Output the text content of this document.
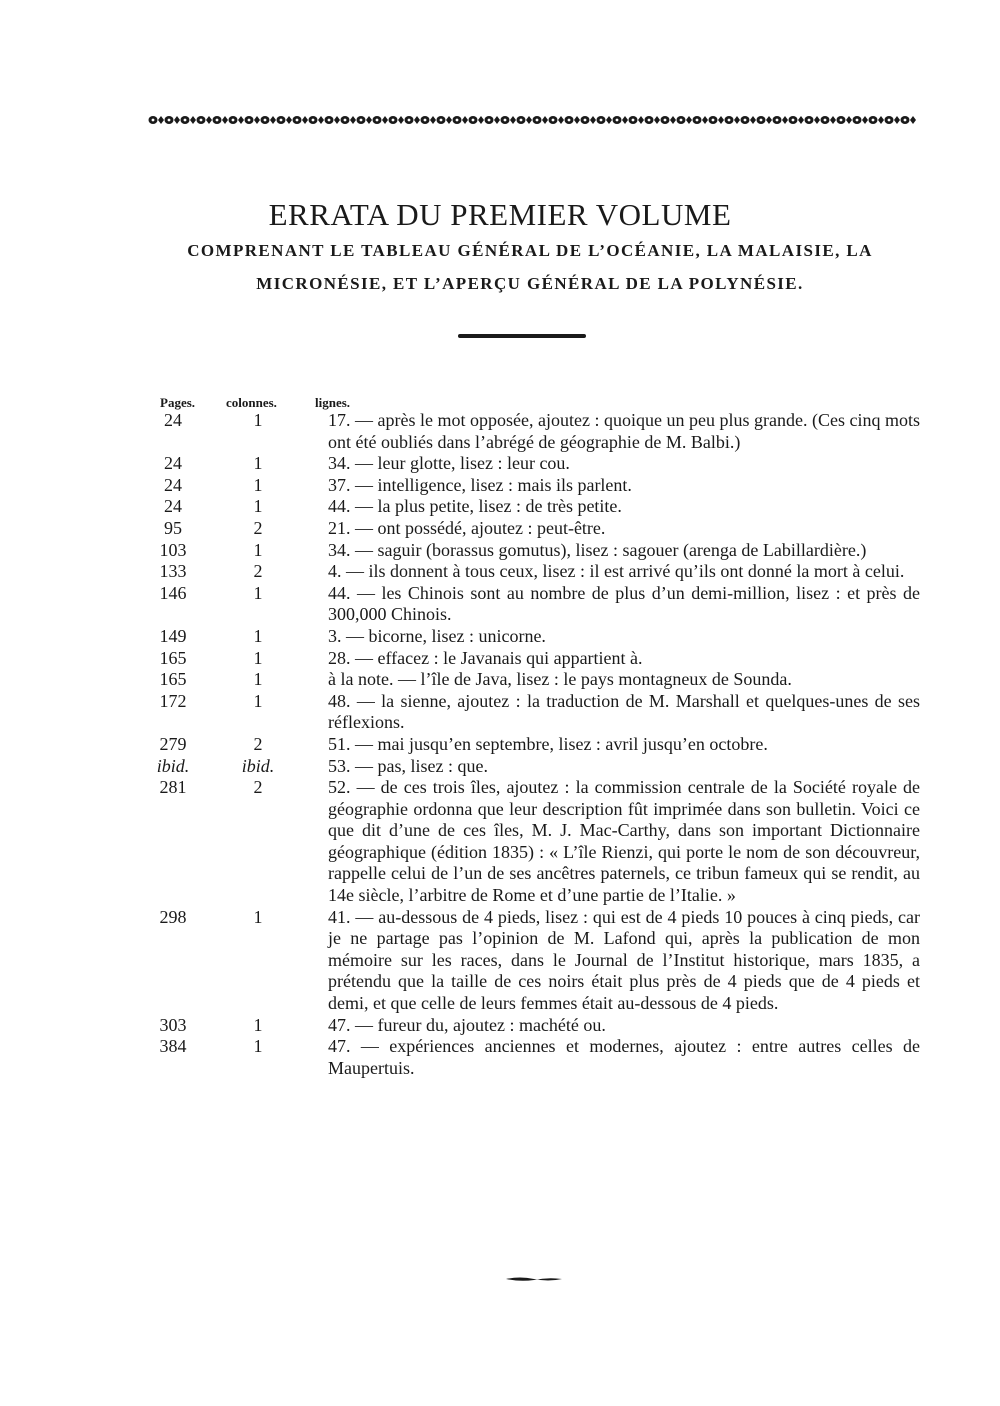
ERRATA DU PREMIER VOLUME
COMPRENANT LE TABLEAU GÉNÉRAL DE L’OCÉANIE, LA MALAISIE, LA MICRONÉSIE, ET L’APERÇU GÉNÉRAL DE LA POLYNÉSIE.
Pages. colonnes.	lignes.
24	1	17. — après le mot opposée, ajoutez : quoique un peu plus grande. (Ces cinq mots ont été oubliés dans l’abrégé de géographie de M. Balbi.)
24	1	34. — leur glotte, lisez : leur cou.
24	1	37. — intelligence, lisez : mais ils parlent.
24	1	44. — la plus petite, lisez : de très petite.
95	2	21. — ont possédé, ajoutez : peut-être.
103	1	34. — saguir (borassus gomutus), lisez : sagouer (arenga de Labillardière.)
133	2	4. — ils donnent à tous ceux, lisez : il est arrivé qu’ils ont donné la mort à celui.
146	1	44. — les Chinois sont au nombre de plus d’un demi-million, lisez : et près de 300,000 Chinois.
149	1	3. — bicorne, lisez : unicorne.
165	1	28. — effacez : le Javanais qui appartient à.
165	1	à la note. — l’île de Java, lisez : le pays montagneux de Sounda.
172	1	48. — la sienne, ajoutez : la traduction de M. Marshall et quelques-unes de ses réflexions.
279	2	51. — mai jusqu’en septembre, lisez : avril jusqu’en octobre.
ibid.	ibid.	53. — pas, lisez : que.
281	2	52. — de ces trois îles, ajoutez : la commission centrale de la Société royale de géographie ordonna que leur description fût imprimée dans son bulletin. Voici ce que dit d’une de ces îles, M. J. Mac-Carthy, dans son important Dictionnaire géographique (édition 1835) : « L’île Rienzi, qui porte le nom de son découvreur, rappelle celui de l’un de ses ancêtres paternels, ce tribun fameux qui se rendit, au 14e siècle, l’arbitre de Rome et d’une partie de l’Italie. »
298	1	41. — au-dessous de 4 pieds, lisez : qui est de 4 pieds 10 pouces à cinq pieds, car je ne partage pas l’opinion de M. Lafond qui, après la publication de mon mémoire sur les races, dans le Journal de l’Institut historique, mars 1835, a prétendu que la taille de ces noirs était plus près de 4 pieds que de 4 pieds et demi, et que celle de leurs femmes était au-dessous de 4 pieds.
303	1	47. — fureur du, ajoutez : machété ou.
384	1	47. — expériences anciennes et modernes, ajoutez : entre autres celles de Maupertuis.
